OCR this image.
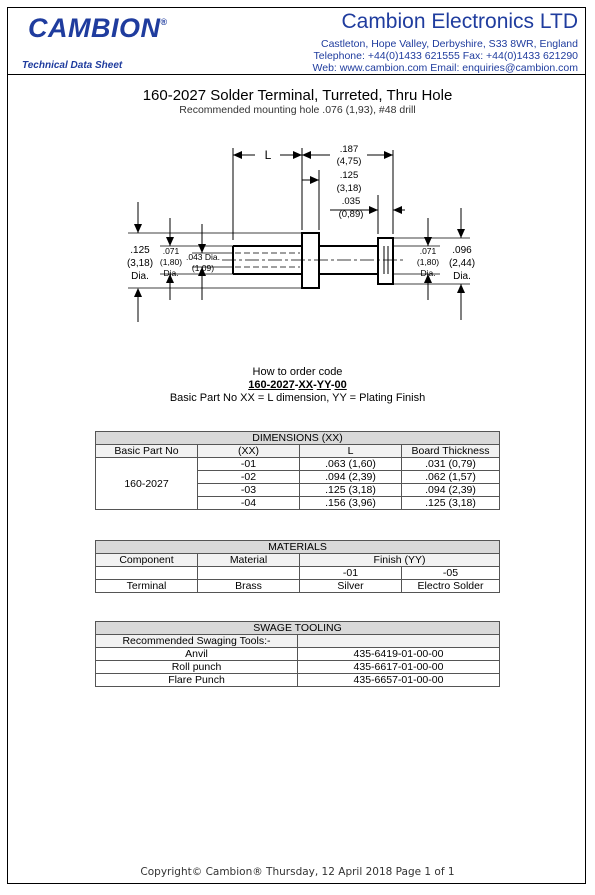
CAMBION®
Technical Data Sheet
Cambion Electronics LTD
Castleton, Hope Valley, Derbyshire, S33 8WR, England
Telephone: +44(0)1433 621555 Fax: +44(0)1433 621290
Web: www.cambion.com Email: enquiries@cambion.com
160-2027 Solder Terminal, Turreted, Thru Hole
Recommended mounting hole .076 (1,93), #48 drill
L	.187
(4,75)
.125
(3,18)
.035
(0,89)
.125
(3,18)
Dia.
.071
(1,80)
Dia.
.043 Dia.
(1,09)
.071
(1,80)
Dia.
.096
(2,44)
Dia.
How to order code
160-2027-XX-YY-00
Basic Part No XX = L dimension, YY = Plating Finish
DIMENSIONS (XX)			
Basic Part No	(XX)	L	Board Thickness
160-2027	-01	.063 (1,60)	.031 (0,79)
	-02	.094 (2,39)	.062 (1,57)
	-03	.125 (3,18)	.094 (2,39)
	-04	.156 (3,96)	.125 (3,18)
MATERIALS			
Component	Material	Finish (YY)	
		-01	-05
Terminal	Brass	Silver	Electro Solder
SWAGE TOOLING	
Recommended Swaging Tools:-	
Anvil	435-6419-01-00-00
Roll punch	435-6617-01-00-00
Flare Punch	435-6657-01-00-00
Copyright© Cambion® Thursday, 12 April 2018 Page 1 of 1
